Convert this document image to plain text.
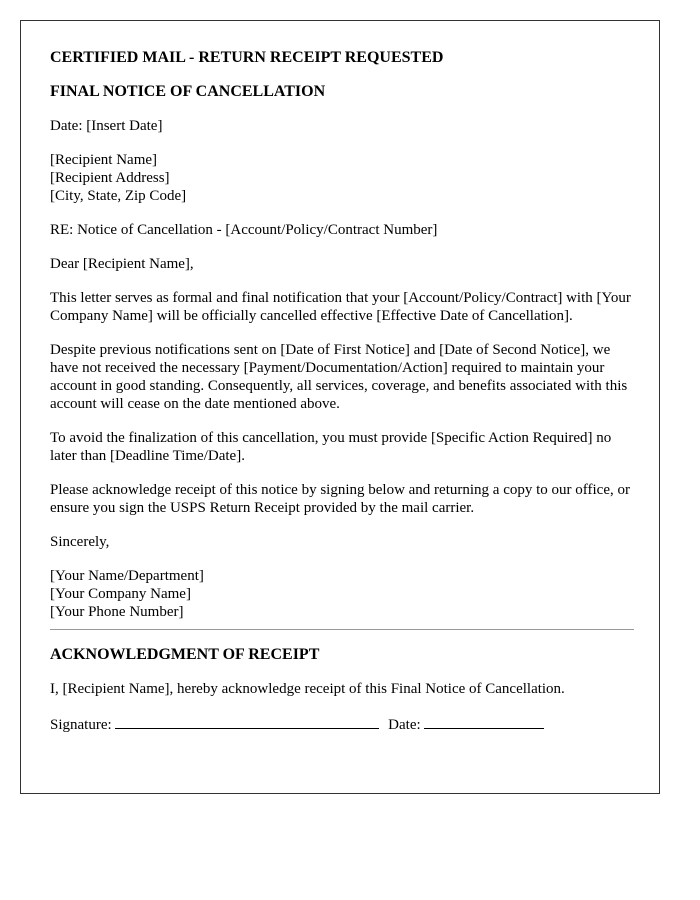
CERTIFIED MAIL - RETURN RECEIPT REQUESTED
FINAL NOTICE OF CANCELLATION
Date: [Insert Date]
[Recipient Name]
[Recipient Address]
[City, State, Zip Code]
RE: Notice of Cancellation - [Account/Policy/Contract Number]
Dear [Recipient Name],
This letter serves as formal and final notification that your [Account/Policy/Contract] with [Your Company Name] will be officially cancelled effective [Effective Date of Cancellation].
Despite previous notifications sent on [Date of First Notice] and [Date of Second Notice], we have not received the necessary [Payment/Documentation/Action] required to maintain your account in good standing. Consequently, all services, coverage, and benefits associated with this account will cease on the date mentioned above.
To avoid the finalization of this cancellation, you must provide [Specific Action Required] no later than [Deadline Time/Date].
Please acknowledge receipt of this notice by signing below and returning a copy to our office, or ensure you sign the USPS Return Receipt provided by the mail carrier.
Sincerely,
[Your Name/Department]
[Your Company Name]
[Your Phone Number]
ACKNOWLEDGMENT OF RECEIPT
I, [Recipient Name], hereby acknowledge receipt of this Final Notice of Cancellation.
Signature:	Date:
